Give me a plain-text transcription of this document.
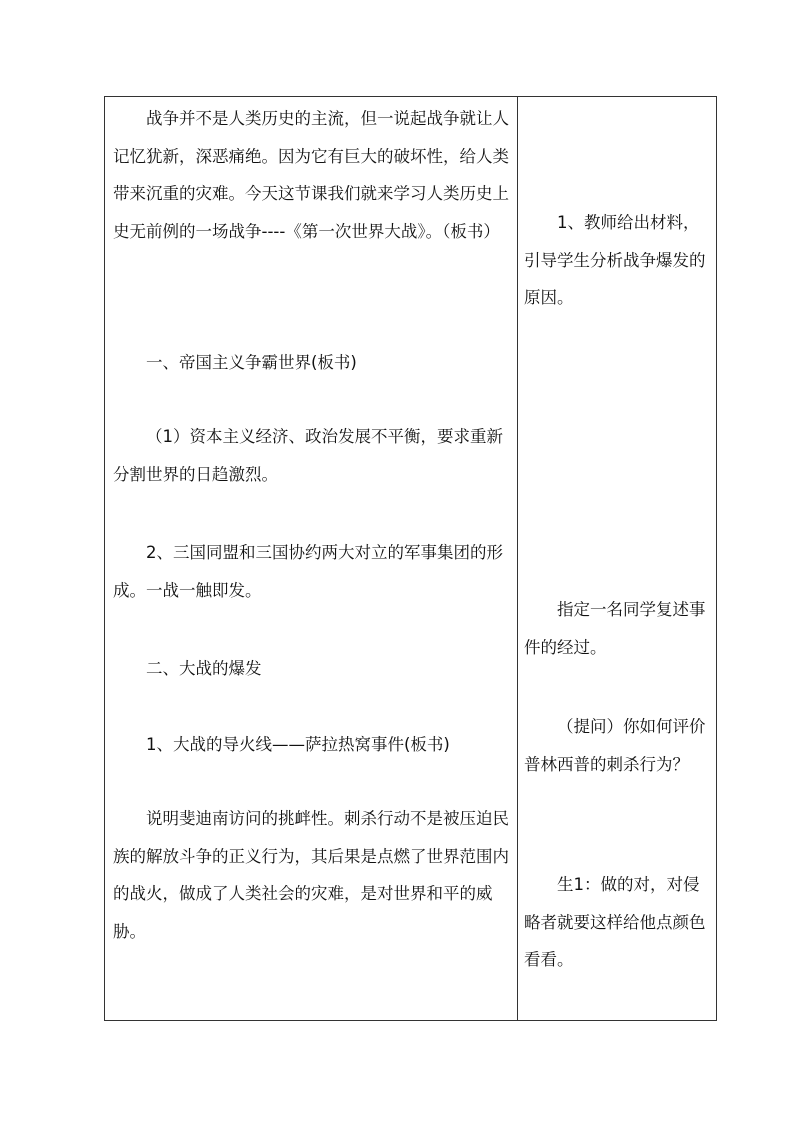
战争并不是人类历史的主流，但一说起战争就让人记忆犹新，深恶痛绝。因为它有巨大的破坏性，给人类带来沉重的灾难。今天这节课我们就来学习人类历史上史无前例的一场战争----《第一次世界大战》。（板书）

一、帝国主义争霸世界(板书)

（1）资本主义经济、政治发展不平衡，要求重新分割世界的日趋激烈。

2、三国同盟和三国协约两大对立的军事集团的形成。一战一触即发。

二、大战的爆发

1、大战的导火线——萨拉热窝事件(板书)

说明斐迪南访问的挑衅性。刺杀行动不是被压迫民族的解放斗争的正义行为，其后果是点燃了世界范围内的战火，做成了人类社会的灾难，是对世界和平的威胁。

1、教师给出材料，引导学生分析战争爆发的原因。

指定一名同学复述事件的经过。

（提问）你如何评价普林西普的刺杀行为？

生1：做的对，对侵略者就要这样给他点颜色看看。
